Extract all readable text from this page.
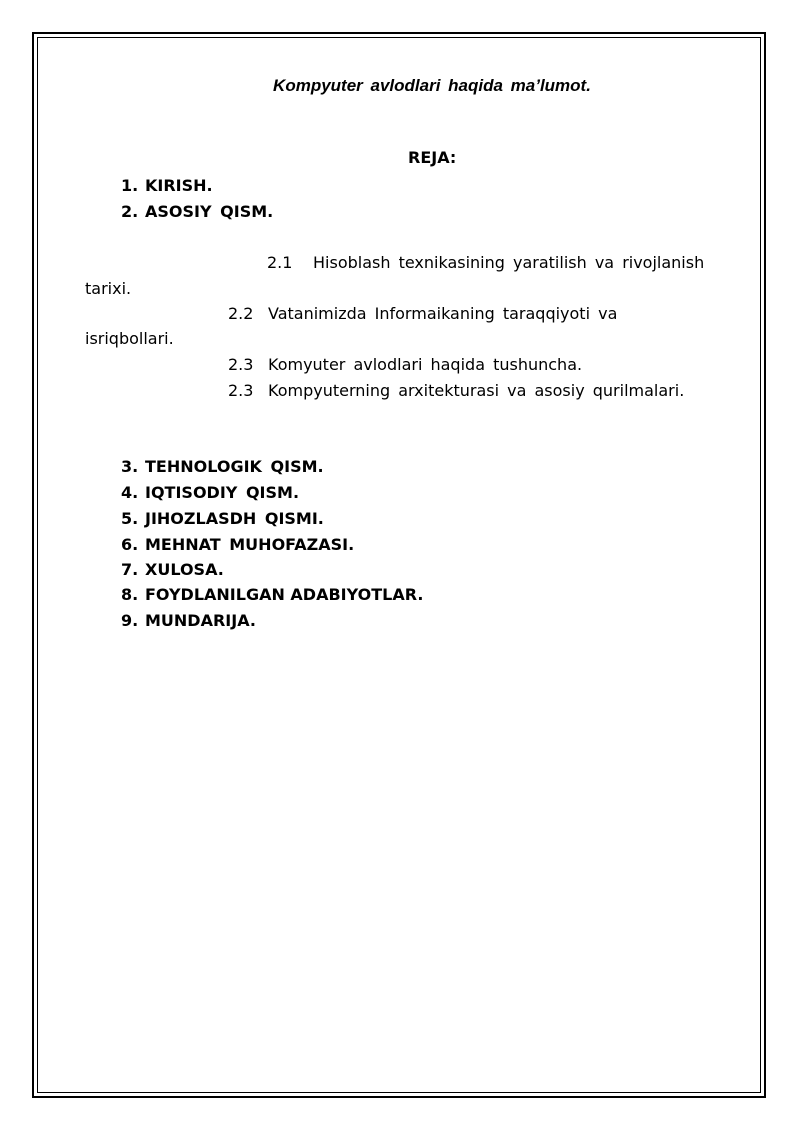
Kompyuter avlodlari haqida ma’lumot.
REJA:
1. KIRISH.
2. ASOSIY QISM.
2.1 Hisoblash texnikasining yaratilish va rivojlanish
tarixi.
2.2 Vatanimizda Informaikaning taraqqiyoti va
isriqbollari.
2.3 Komyuter avlodlari haqida tushuncha.
2.3 Kompyuterning arxitekturasi va asosiy qurilmalari.
3. TEHNOLOGIK QISM.
4. IQTISODIY QISM.
5. JIHOZLASDH QISMI.
6. MEHNAT MUHOFAZASI.
7. XULOSA.
8. FOYDLANILGAN ADABIYOTLAR.
9. MUNDARIJA.
